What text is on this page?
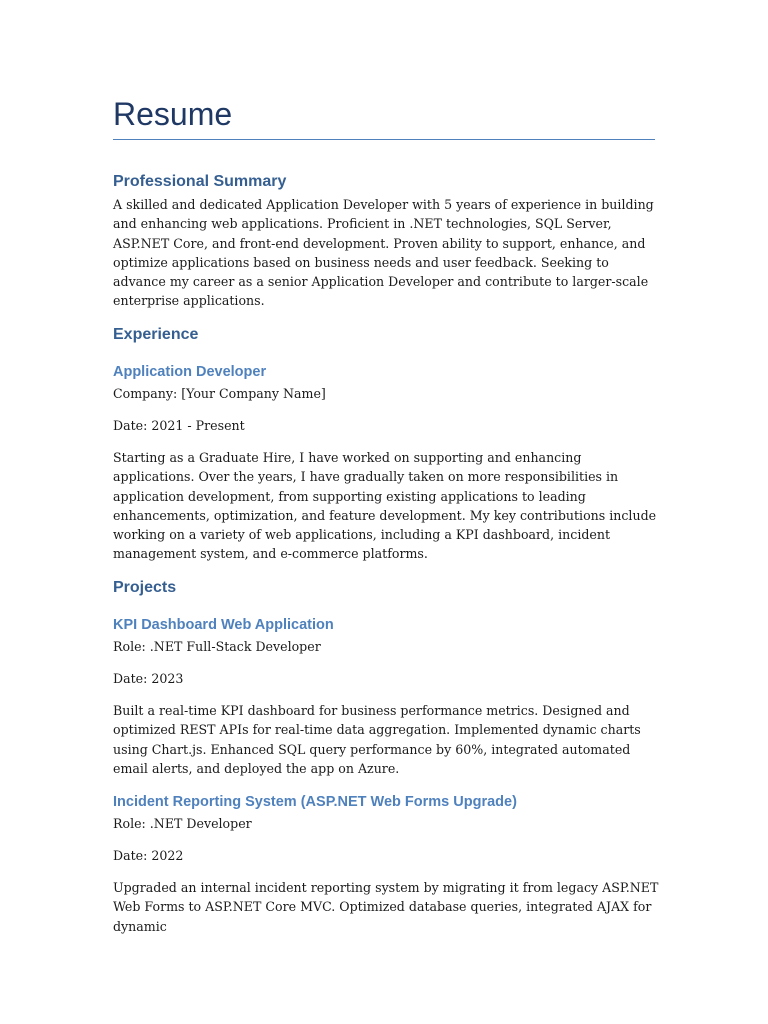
Resume
Professional Summary

A skilled and dedicated Application Developer with 5 years of experience in building and enhancing web applications. Proficient in .NET technologies, SQL Server, ASP.NET Core, and front-end development. Proven ability to support, enhance, and optimize applications based on business needs and user feedback. Seeking to advance my career as a senior Application Developer and contribute to larger-scale enterprise applications.

Experience
Application Developer

Company: [Your Company Name]

Date: 2021 - Present

Starting as a Graduate Hire, I have worked on supporting and enhancing applications. Over the years, I have gradually taken on more responsibilities in application development, from supporting existing applications to leading enhancements, optimization, and feature development. My key contributions include working on a variety of web applications, including a KPI dashboard, incident management system, and e-commerce platforms.

Projects
KPI Dashboard Web Application

Role: .NET Full-Stack Developer

Date: 2023

Built a real-time KPI dashboard for business performance metrics. Designed and optimized REST APIs for real-time data aggregation. Implemented dynamic charts using Chart.js. Enhanced SQL query performance by 60%, integrated automated email alerts, and deployed the app on Azure.

Incident Reporting System (ASP.NET Web Forms Upgrade)

Role: .NET Developer

Date: 2022

Upgraded an internal incident reporting system by migrating it from legacy ASP.NET Web Forms to ASP.NET Core MVC. Optimized database queries, integrated AJAX for dynamic
